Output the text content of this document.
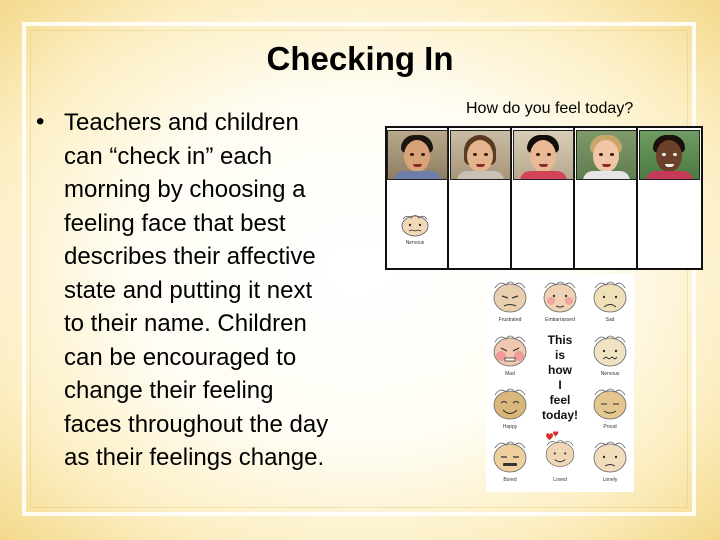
Checking In
• Teachers and children
can “check in” each
morning by choosing a
feeling face that best
describes their affective
state and putting it next
to their name. Children
can be encouraged to
change their feeling
faces throughout the day
as their feelings change.
How do you feel today?
Nervous
Frustrated	Embarrassed	Sad
Mad
This
is
how
I
feel
today!
Nervous
Happy	Proud
Bored	Loved	Lonely
